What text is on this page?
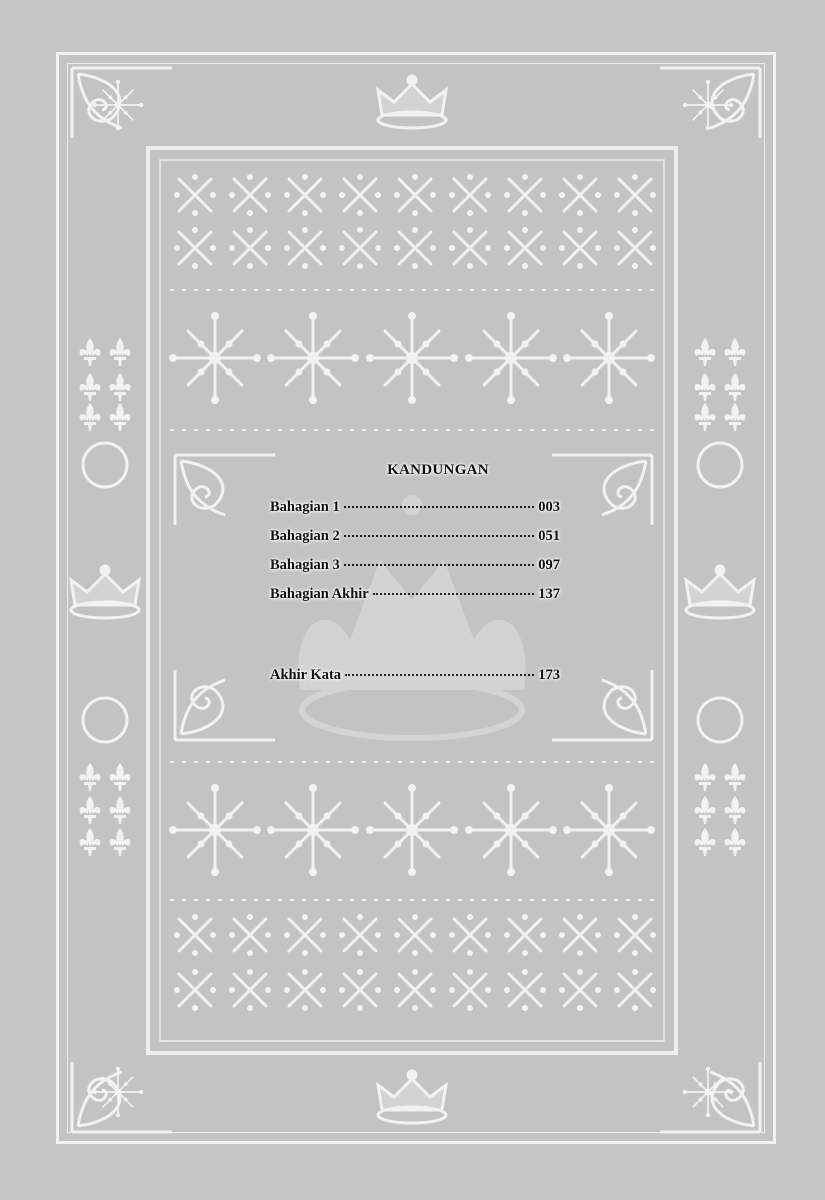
KANDUNGAN
Bahagian 1	003
Bahagian 2	051
Bahagian 3	097
Bahagian Akhir	137
Akhir Kata	173
